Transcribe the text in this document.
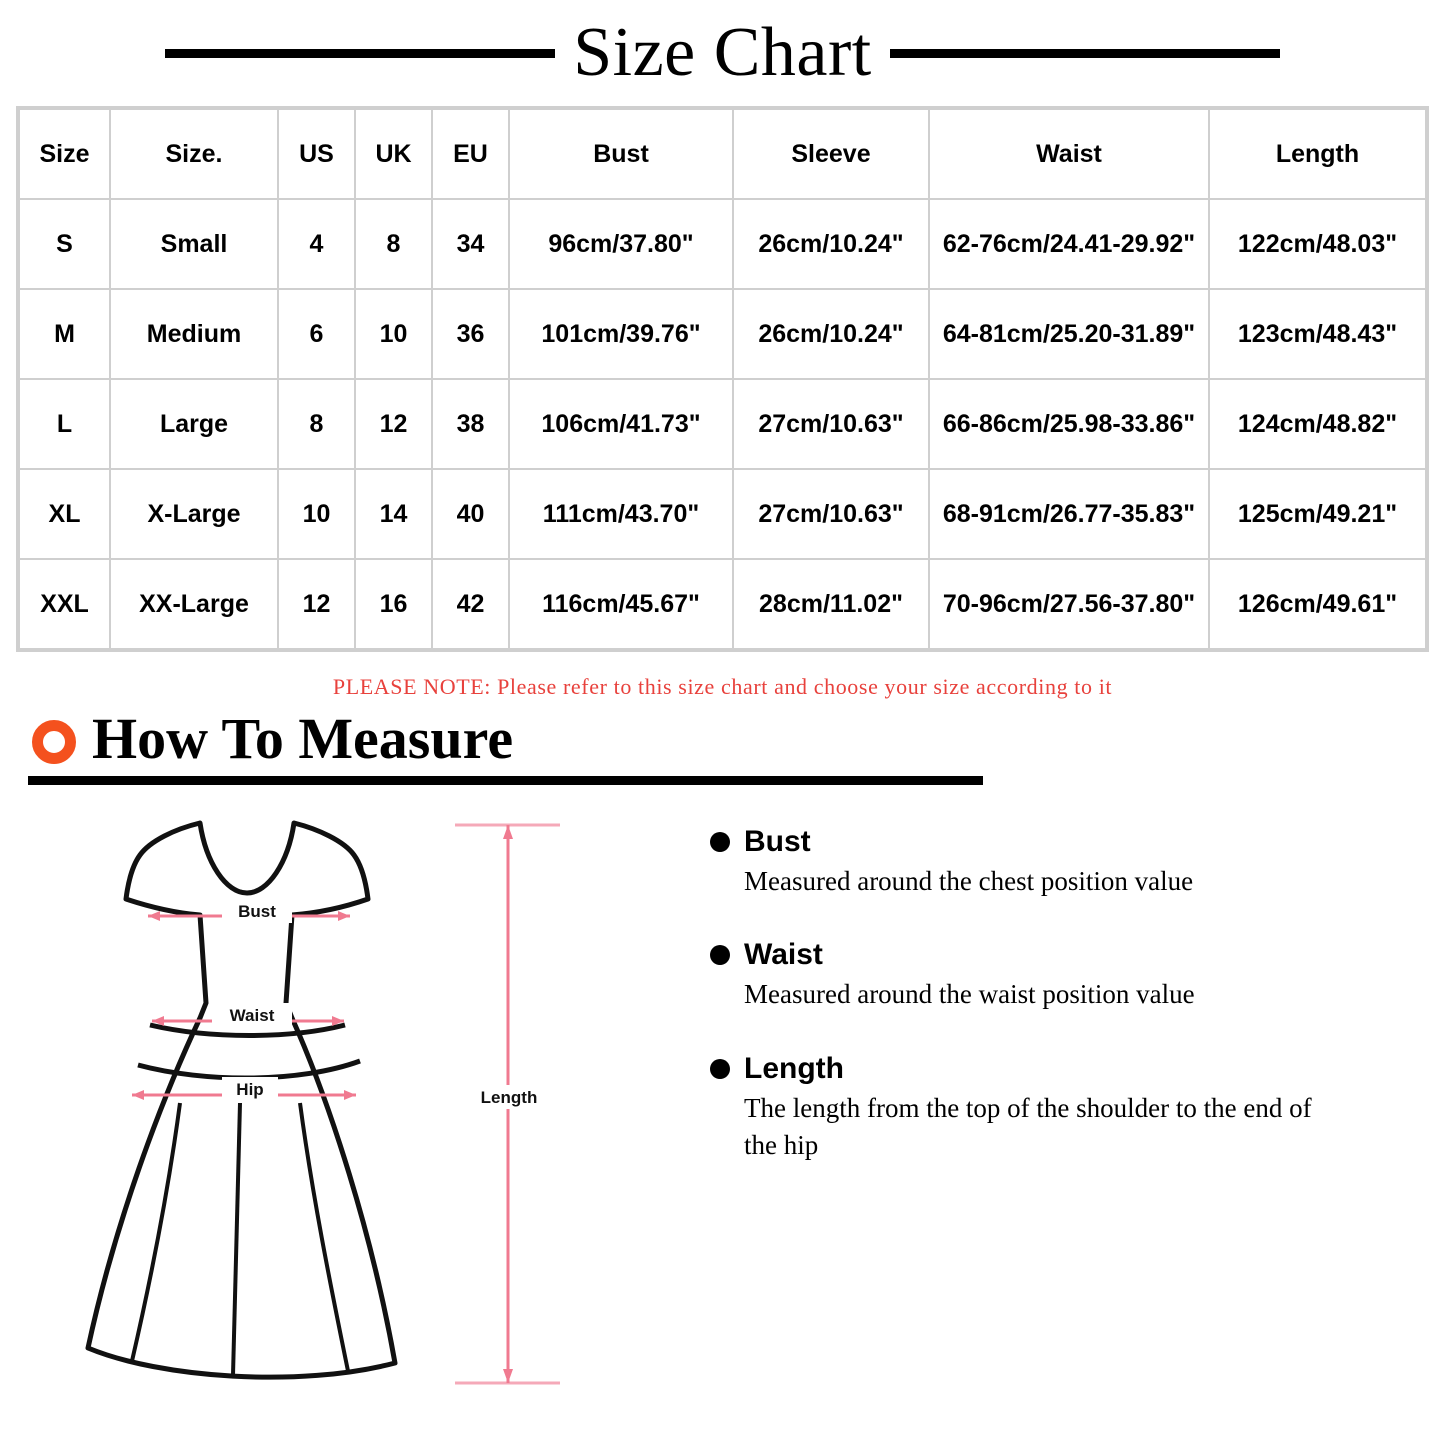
Size Chart
Size	Size.	US	UK	EU	Bust	Sleeve	Waist	Length
S	Small	4	8	34	96cm/37.80"	26cm/10.24"	62-76cm/24.41-29.92"	122cm/48.03"
M	Medium	6	10	36	101cm/39.76"	26cm/10.24"	64-81cm/25.20-31.89"	123cm/48.43"
L	Large	8	12	38	106cm/41.73"	27cm/10.63"	66-86cm/25.98-33.86"	124cm/48.82"
XL	X-Large	10	14	40	111cm/43.70"	27cm/10.63"	68-91cm/26.77-35.83"	125cm/49.21"
XXL	XX-Large	12	16	42	116cm/45.67"	28cm/11.02"	70-96cm/27.56-37.80"	126cm/49.61"
PLEASE NOTE: Please refer to this size chart and choose your size according to it
How To Measure
Bust
Waist
Hip	Length
Bust
Measured around the chest position value
Waist
Measured around the waist position value
Length
The length from the top of the shoulder to the end of the hip
